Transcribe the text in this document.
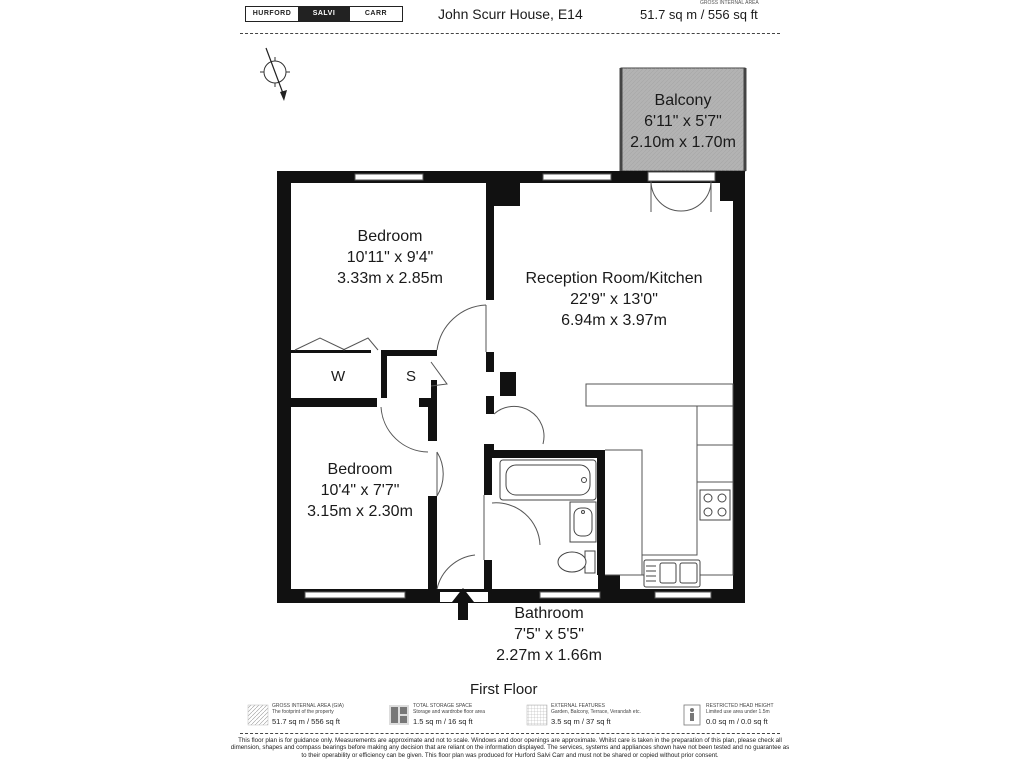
HURFORD	SALVI	CARR	John Scurr House, E14
GROSS INTERNAL AREA
51.7 sq m / 556 sq ft
Balcony
6'11" x 5'7"
2.10m x 1.70m
Bedroom
10'11" x 9'4"
3.33m x 2.85m	Reception Room/Kitchen
22'9" x 13'0"
6.94m x 3.97m
W	S
Bedroom
10'4" x 7'7"
3.15m x 2.30m
Bathroom
7'5" x 5'5"
2.27m x 1.66m
First Floor
GROSS INTERNAL AREA (GIA)
The footprint of the property
51.7 sq m / 556 sq ft
TOTAL STORAGE SPACE
Storage and wardrobe floor area
1.5 sq m / 16 sq ft
EXTERNAL FEATURES
Garden, Balcony, Terrace, Verandah etc.
3.5 sq m / 37 sq ft
RESTRICTED HEAD HEIGHT
Limited use area under 1.5m
0.0 sq m / 0.0 sq ft
This floor plan is for guidance only. Measurements are approximate and not to scale. Windows and door openings are approximate. Whilst care is taken in the preparation of this plan, please check all dimension, shapes and compass bearings before making any decision that are reliant on the information displayed. The services, systems and appliances shown have not been tested and no guarantee as to their operability or efficiency can be given. This floor plan was produced for Hurford Salvi Carr and must not be shared or copied without prior consent.
